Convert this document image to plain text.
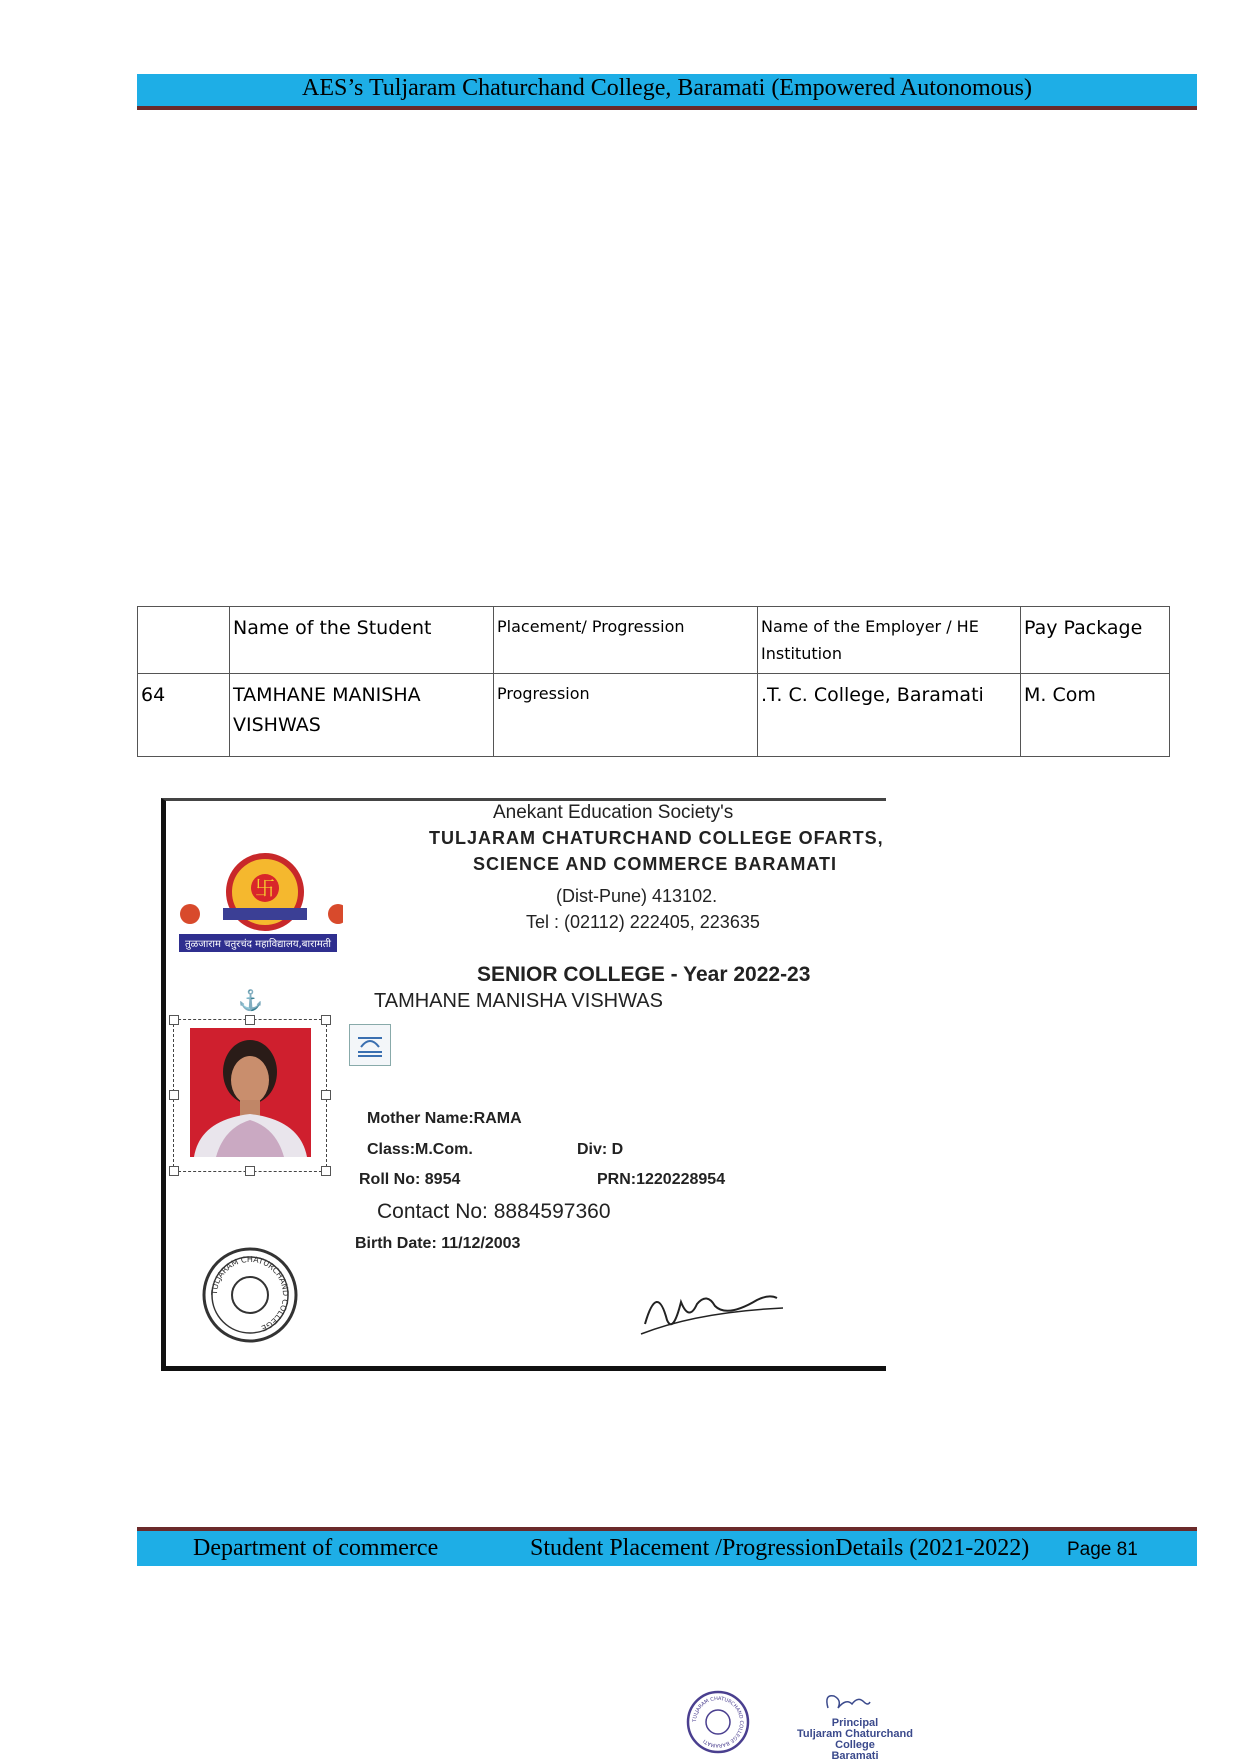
AES’s Tuljaram Chaturchand College, Baramati (Empowered Autonomous)
	Name of the Student	Placement/ Progression	Name of the Employer / HE Institution	Pay Package
64	TAMHANE MANISHA VISHWAS	Progression	.T. C. College, Baramati	M. Com
卐
तुळजाराम चतुरचंद महाविद्यालय,बारामती
Anekant Education Society's
TULJARAM CHATURCHAND COLLEGE OFARTS,
SCIENCE AND COMMERCE BARAMATI
(Dist-Pune) 413102.
Tel : (02112) 222405, 223635
SENIOR COLLEGE - Year 2022-23
TAMHANE MANISHA VISHWAS
⚓
Mother Name:RAMA
Class:M.Com.	Div: D
Roll No: 8954	PRN:1220228954
Contact No: 8884597360
Birth Date: 11/12/2003
TULJARAM CHATURCHAND COLLEGE
Department of commerce	Student Placement /ProgressionDetails (2021-2022) Page 81
TULJARAM CHATURCHAND COLLEGE BARAMATI
Principal
Tuljaram Chaturchand College
Baramati
